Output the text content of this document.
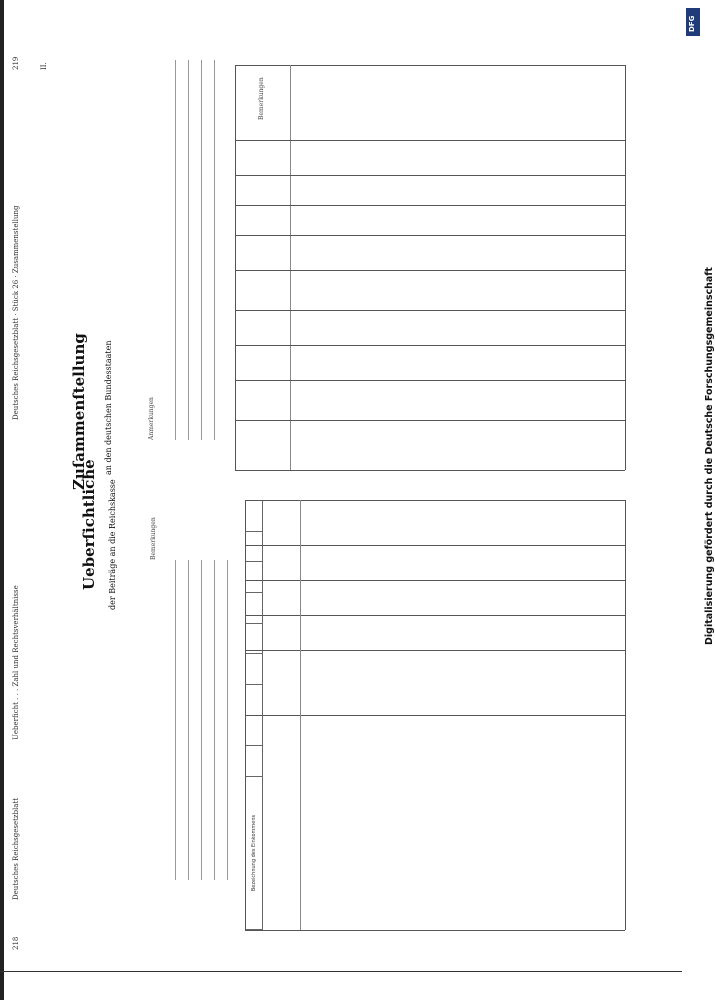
218
Deutsches Reichsgesetzblatt
Ueberficht . . . Zahl und Rechtsverhältnisse
Ueberſichtliche der Beiträge an die Reichskasse	Bemerkungen
Bezeichnung des Einkommens									
Deutsches Reichsgesetzblatt · Stück 26 · Zusammenstellung
219	II.
Zuſammenſtellung an den deutschen Bundesstaaten	Anmerkungen
Bemerkungen
DFG
Digitalisierung gefördert durch die Deutsche Forschungsgemeinschaft
